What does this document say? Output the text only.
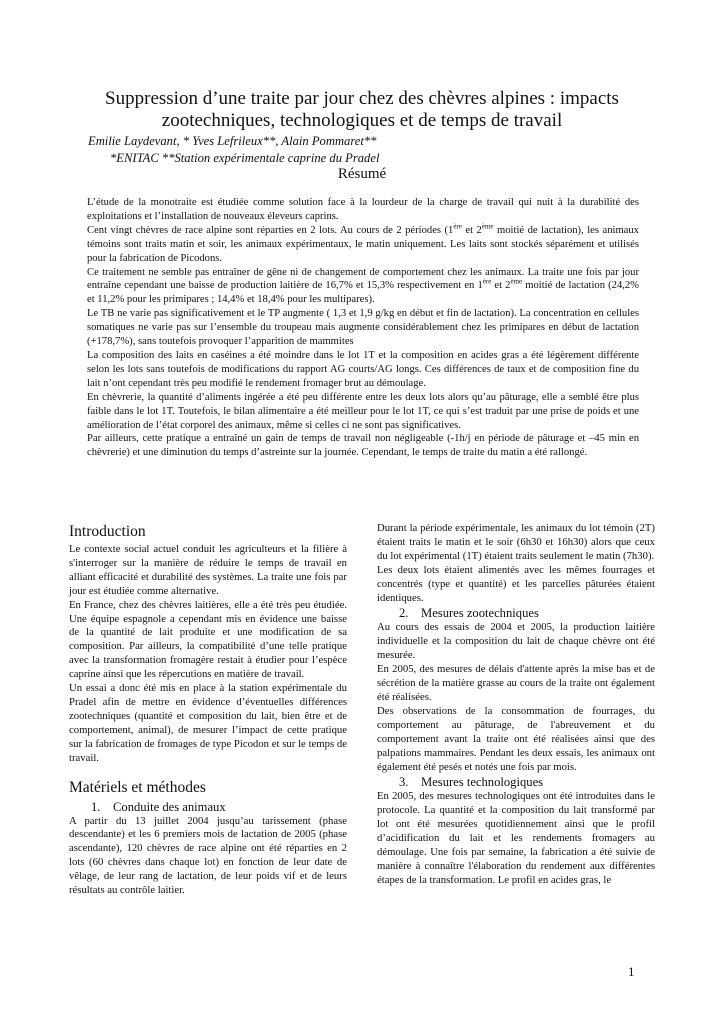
Suppression d’une traite par jour chez des chèvres alpines : impacts
zootechniques, technologiques et de temps de travail
Emilie Laydevant, * Yves Lefrileux**, Alain Pommaret**
*ENITAC **Station expérimentale caprine du Pradel
Résumé

L’étude de la monotraite est étudiée comme solution face à la lourdeur de la charge de travail qui nuit à la durabilité des exploitations et l’installation de nouveaux éleveurs caprins.

Cent vingt chèvres de race alpine sont réparties en 2 lots. Au cours de 2 périodes (1ère et 2ème moitié de lactation), les animaux témoins sont traits matin et soir, les animaux expérimentaux, le matin uniquement. Les laits sont stockés séparément et utilisés pour la fabrication de Picodons.

Ce traitement ne semble pas entraîner de gêne ni de changement de comportement chez les animaux. La traite une fois par jour entraîne cependant une baisse de production laitière de 16,7% et 15,3% respectivement en 1ère et 2ème moitié de lactation (24,2% et 11,2% pour les primipares ; 14,4% et 18,4% pour les multipares).

Le TB ne varie pas significativement et le TP augmente ( 1,3 et 1,9 g/kg en début et fin de lactation). La concentration en cellules somatiques ne varie pas sur l’ensemble du troupeau mais augmente considérablement chez les primipares en début de lactation (+178,7%), sans toutefois provoquer l’apparition de mammites

La composition des laits en caséines a été moindre dans le lot 1T et la composition en acides gras a été légèrement différente selon les lots sans toutefois de modifications du rapport AG courts/AG longs. Ces différences de taux et de composition fine du lait n’ont cependant très peu modifié le rendement fromager brut au démoulage.

En chèvrerie, la quantité d’aliments ingérée a été peu différente entre les deux lots alors qu’au pâturage, elle a semblé être plus faible dans le lot 1T. Toutefois, le bilan alimentaire a été meilleur pour le lot 1T, ce qui s’est traduit par une prise de poids et une amélioration de l’état corporel des animaux, même si celles ci ne sont pas significatives.

Par ailleurs, cette pratique a entraîné un gain de temps de travail non négligeable (-1h/j en période de pâturage et –45 min en chèvrerie) et une diminution du temps d’astreinte sur la journée. Cependant, le temps de traite du matin a été rallongé.

Introduction

Le contexte social actuel conduit les agriculteurs et la filière à s'interroger sur la manière de réduire le temps de travail en alliant efficacité et durabilité des systèmes. La traite une fois par jour est étudiée comme alternative.

En France, chez des chèvres laitières, elle a été très peu étudiée. Une équipe espagnole a cependant mis en évidence une baisse de la quantité de lait produite et une modification de sa composition. Par ailleurs, la compatibilité d’une telle pratique avec la transformation fromagère restait à étudier pour l’espèce caprine ainsi que les répercutions en matière de travail.

Un essai a donc été mis en place à la station expérimentale du Pradel afin de mettre en évidence d’éventuelles différences zootechniques (quantité et composition du lait, bien être et de comportement, animal), de mesurer l’impact de cette pratique sur la fabrication de fromages de type Picodon et sur le temps de travail.

Matériels et méthodes
1. Conduite des animaux

A partir du 13 juillet 2004 jusqu’au tarissement (phase descendante) et les 6 premiers mois de lactation de 2005 (phase ascendante), 120 chèvres de race alpine ont été réparties en 2 lots (60 chèvres dans chaque lot) en fonction de leur date de vêlage, de leur rang de lactation, de leur poids vif et de leurs résultats au contrôle laitier.

Durant la période expérimentale, les animaux du lot témoin (2T) étaient traits le matin et le soir (6h30 et 16h30) alors que ceux du lot expérimental (1T) étaient traits seulement le matin (7h30).

Les deux lots étaient alimentés avec les mêmes fourrages et concentrés (type et quantité) et les parcelles pâturées étaient identiques.

2. Mesures zootechniques

Au cours des essais de 2004 et 2005, la production laitière individuelle et la composition du lait de chaque chèvre ont été mesurée.

En 2005, des mesures de délais d'attente après la mise bas et de sécrétion de la matière grasse au cours de la traite ont également été réalisées.

Des observations de la consommation de fourrages, du comportement au pâturage, de l'abreuvement et du comportement avant la traite ont été réalisées ainsi que des palpations mammaires. Pendant les deux essais, les animaux ont également été pesés et notés une fois par mois.

3. Mesures technologiques

En 2005, des mesures technologiques ont été introduites dans le protocole. La quantité et la composition du lait transformé par lot ont été mesurées quotidiennement ainsi que le profil d’acidification du lait et les rendements fromagers au démoulage. Une fois par semaine, la fabrication a été suivie de manière à connaître l'élaboration du rendement aux différentes étapes de la transformation. Le profil en acides gras, le

1
